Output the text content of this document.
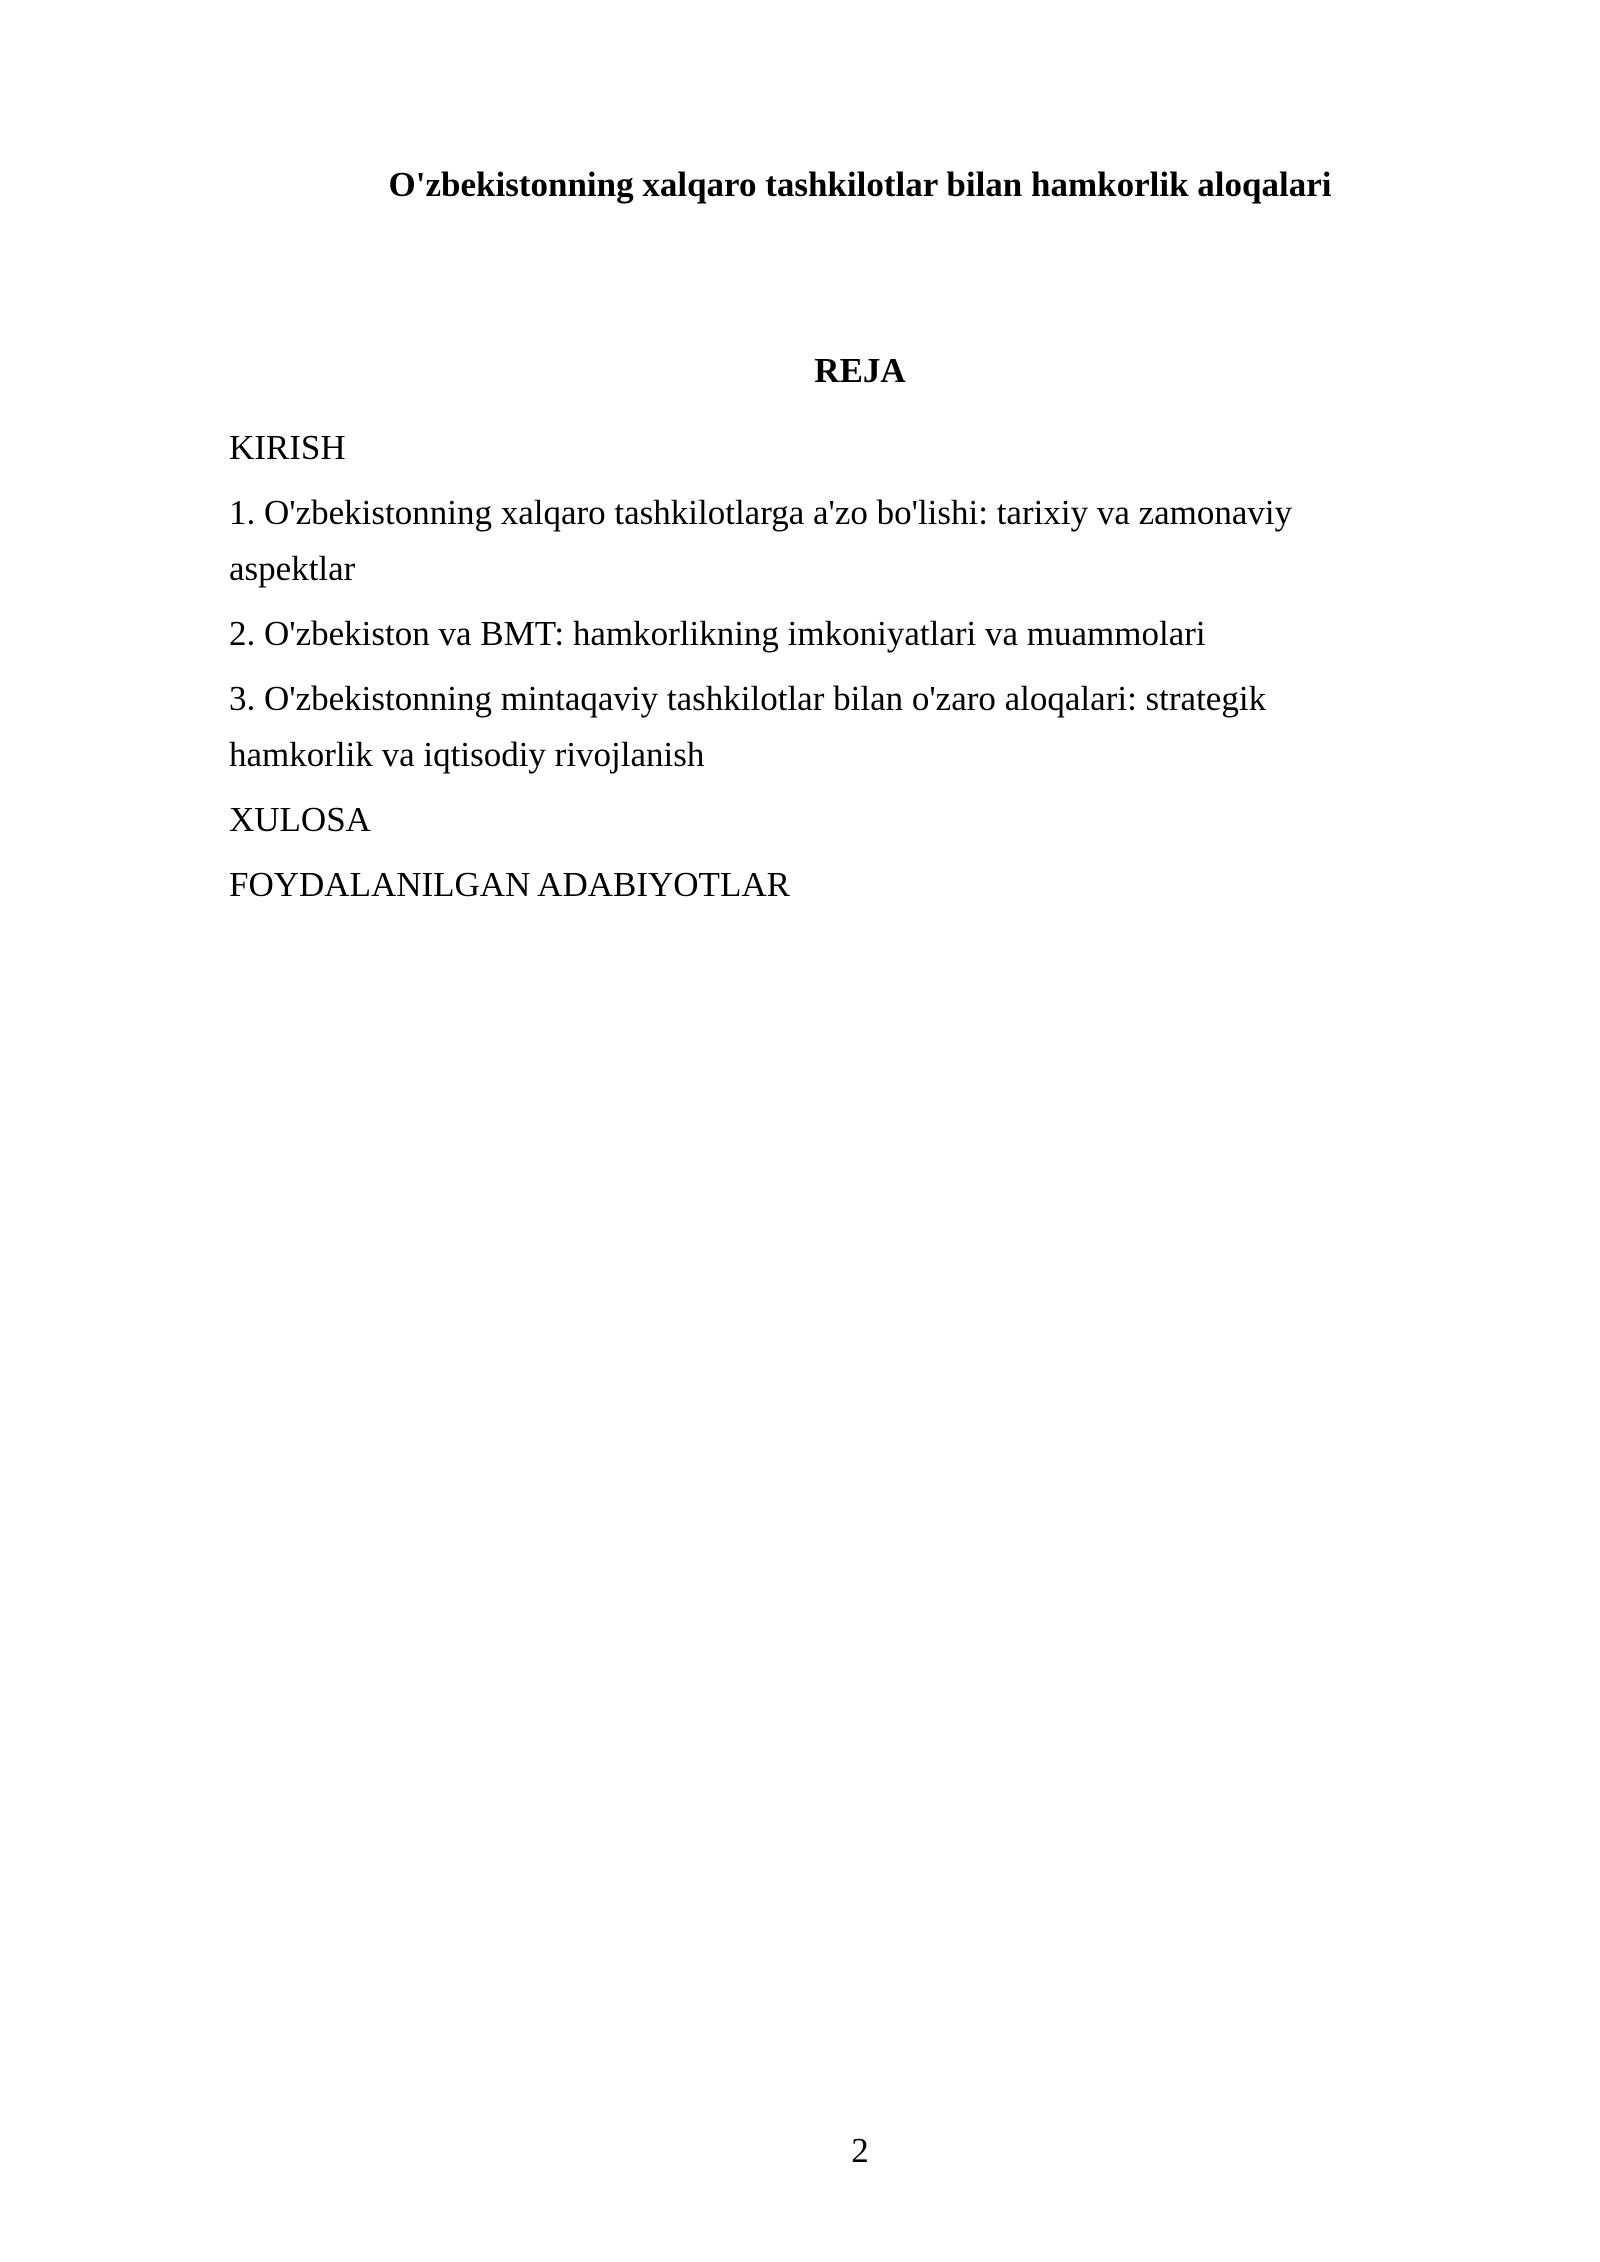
O'zbekistonning xalqaro tashkilotlar bilan hamkorlik aloqalari
REJA
KIRISH
1. O'zbekistonning xalqaro tashkilotlarga a'zo bo'lishi: tarixiy va zamonaviy aspektlar
2. O'zbekiston va BMT: hamkorlikning imkoniyatlari va muammolari
3. O'zbekistonning mintaqaviy tashkilotlar bilan o'zaro aloqalari: strategik hamkorlik va iqtisodiy rivojlanish
XULOSA
FOYDALANILGAN ADABIYOTLAR
2
